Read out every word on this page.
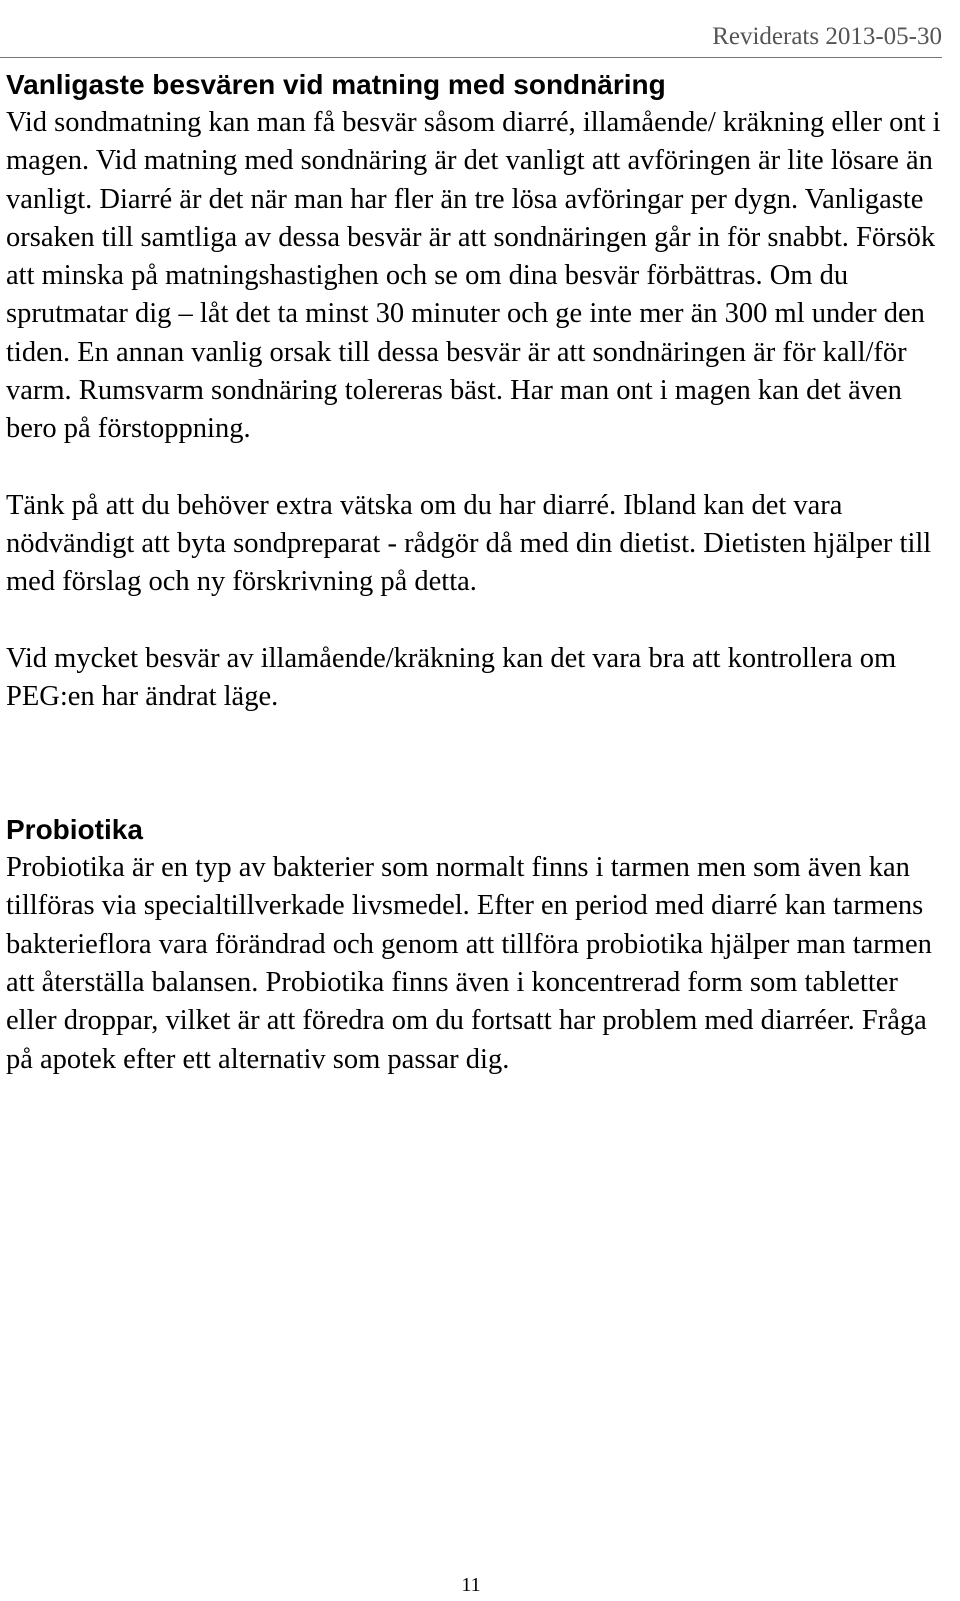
Reviderats 2013-05-30
Vanligaste besvären vid matning med sondnäring

Vid sondmatning kan man få besvär såsom diarré, illamående/ kräkning eller ont i magen. Vid matning med sondnäring är det vanligt att avföringen är lite lösare än vanligt. Diarré är det när man har fler än tre lösa avföringar per dygn. Vanligaste orsaken till samtliga av dessa besvär är att sondnäringen går in för snabbt. Försök att minska på matningshastighen och se om dina besvär förbättras. Om du sprutmatar dig – låt det ta minst 30 minuter och ge inte mer än 300 ml under den tiden. En annan vanlig orsak till dessa besvär är att sondnäringen är för kall/för varm. Rumsvarm sondnäring tolereras bäst. Har man ont i magen kan det även bero på förstoppning.

Tänk på att du behöver extra vätska om du har diarré. Ibland kan det vara nödvändigt att byta sondpreparat - rådgör då med din dietist. Dietisten hjälper till med förslag och ny förskrivning på detta.

Vid mycket besvär av illamående/kräkning kan det vara bra att kontrollera om PEG:en har ändrat läge.

Probiotika

Probiotika är en typ av bakterier som normalt finns i tarmen men som även kan tillföras via specialtillverkade livsmedel. Efter en period med diarré kan tarmens bakterieflora vara förändrad och genom att tillföra probiotika hjälper man tarmen att återställa balansen. Probiotika finns även i koncentrerad form som tabletter eller droppar, vilket är att föredra om du fortsatt har problem med diarréer. Fråga på apotek efter ett alternativ som passar dig.

11
